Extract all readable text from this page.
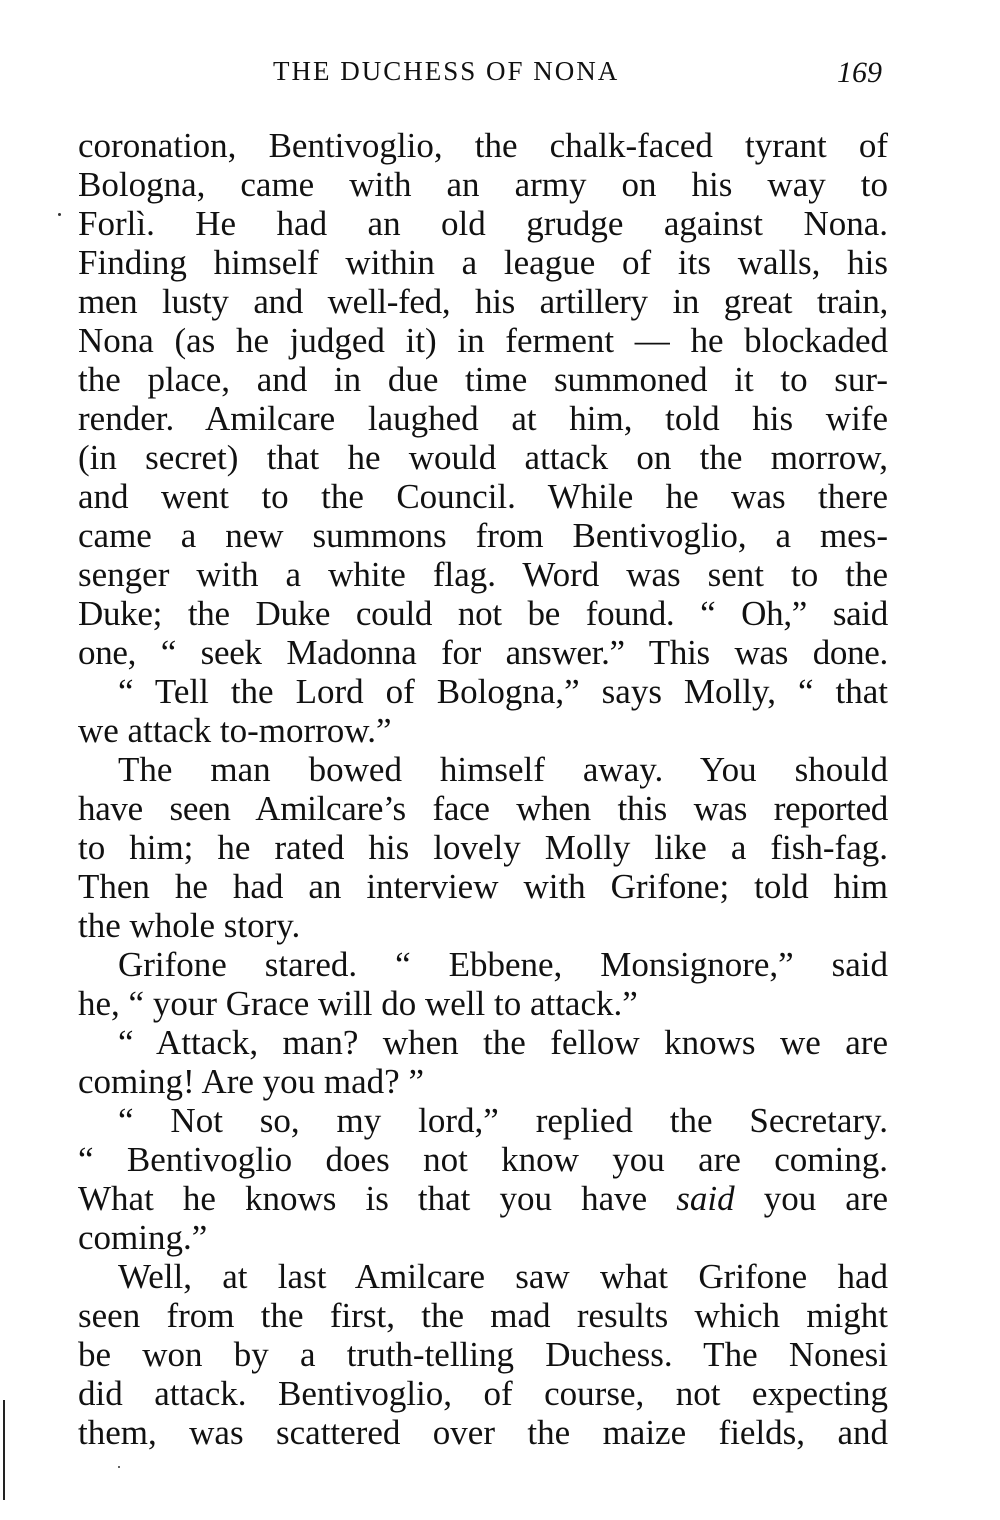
THE DUCHESS OF NONA	169
coronation, Bentivoglio, the chalk-faced tyrant of
Bologna, came with an army on his way to
Forlì. He had an old grudge against Nona.
Finding himself within a league of its walls, his
men lusty and well-fed, his artillery in great train,
Nona (as he judged it) in ferment — he blockaded
the place, and in due time summoned it to sur-
render. Amilcare laughed at him, told his wife
(in secret) that he would attack on the morrow,
and went to the Council. While he was there
came a new summons from Bentivoglio, a mes-
senger with a white flag. Word was sent to the
Duke; the Duke could not be found. “ Oh,” said
one, “ seek Madonna for answer.” This was done.
“ Tell the Lord of Bologna,” says Molly, “ that
we attack to-morrow.”
The man bowed himself away. You should
have seen Amilcare’s face when this was reported
to him; he rated his lovely Molly like a fish-fag.
Then he had an interview with Grifone; told him
the whole story.
Grifone stared. “ Ebbene, Monsignore,” said
he, “ your Grace will do well to attack.”
“ Attack, man? when the fellow knows we are
coming! Are you mad? ”
“ Not so, my lord,” replied the Secretary.
“ Bentivoglio does not know you are coming.
What he knows is that you have said you are
coming.”
Well, at last Amilcare saw what Grifone had
seen from the first, the mad results which might
be won by a truth-telling Duchess. The Nonesi
did attack. Bentivoglio, of course, not expecting
them, was scattered over the maize fields, and
